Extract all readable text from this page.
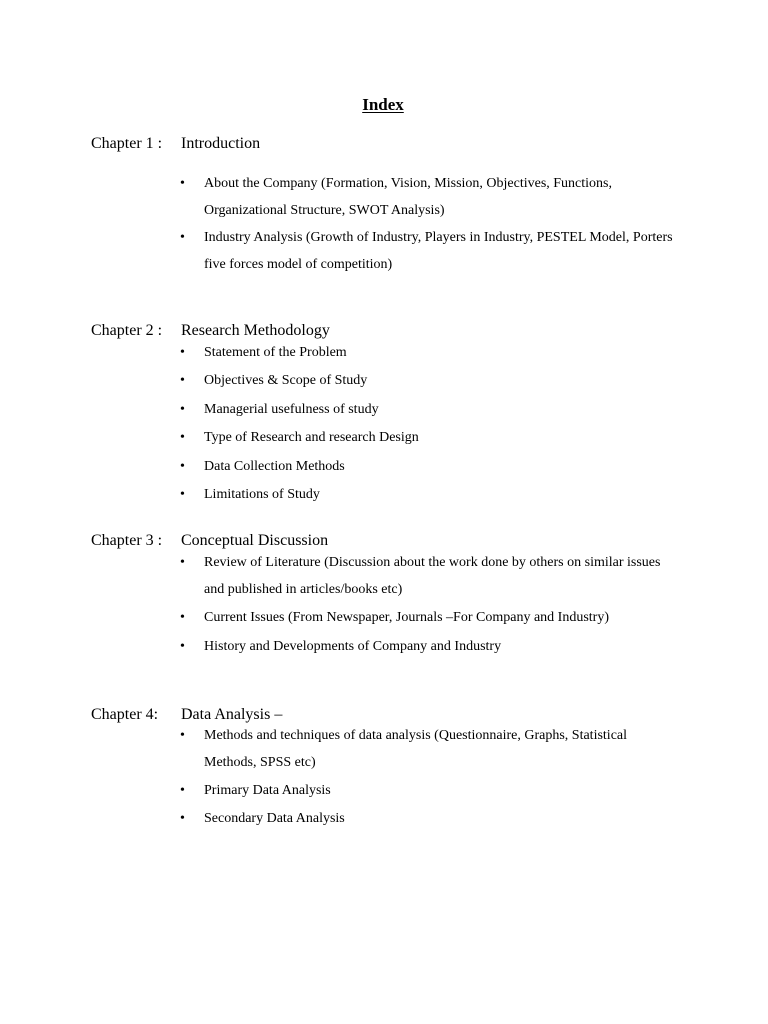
Index
Chapter 1 : Introduction
• About the Company (Formation, Vision, Mission, Objectives, Functions, Organizational Structure, SWOT Analysis)
• Industry Analysis (Growth of Industry, Players in Industry, PESTEL Model, Porters five forces model of competition)
Chapter 2 : Research Methodology
• Statement of the Problem
• Objectives & Scope of Study
• Managerial usefulness of study
• Type of Research and research Design
• Data Collection Methods
• Limitations of Study
Chapter 3 : Conceptual Discussion
• Review of Literature (Discussion about the work done by others on similar issues and published in articles/books etc)
• Current Issues (From Newspaper, Journals –For Company and Industry)
• History and Developments of Company and Industry
Chapter 4: Data Analysis –
• Methods and techniques of data analysis (Questionnaire, Graphs, Statistical Methods, SPSS etc)
• Primary Data Analysis
• Secondary Data Analysis
